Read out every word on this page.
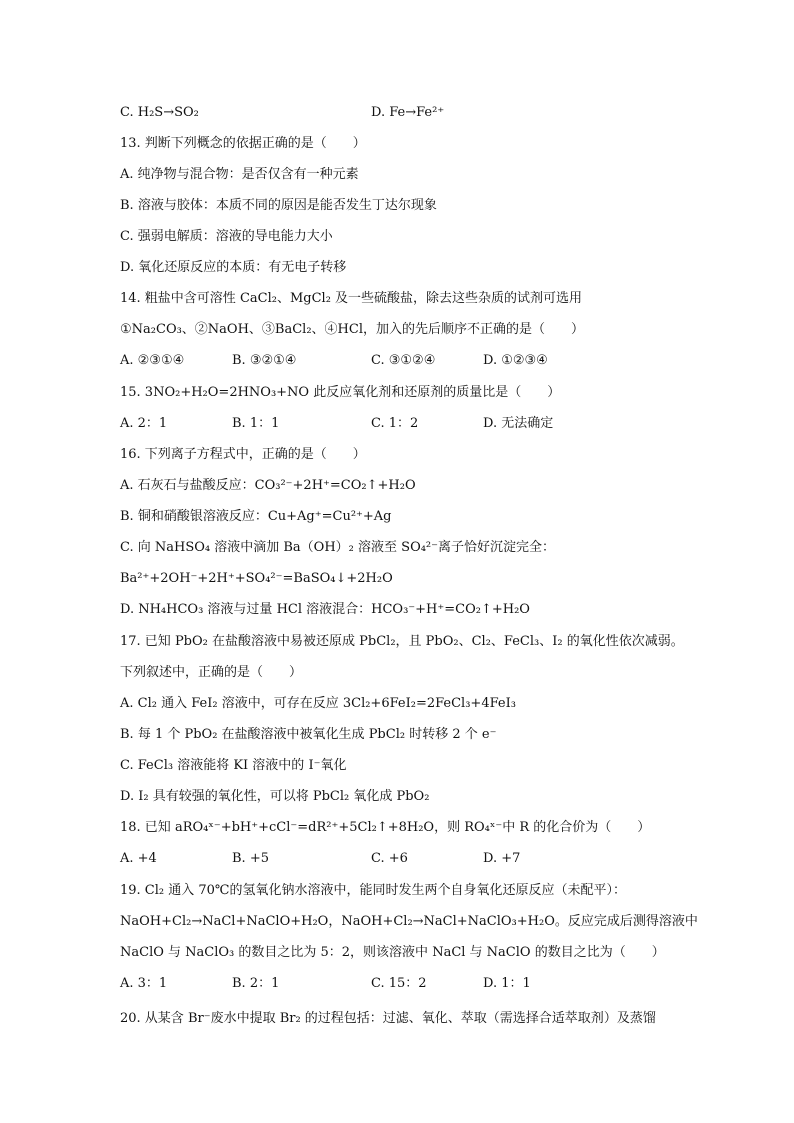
C. H₂S→SO₂	D. Fe→Fe²⁺
13. 判断下列概念的依据正确的是（　　）
A. 纯净物与混合物：是否仅含有一种元素
B. 溶液与胶体：本质不同的原因是能否发生丁达尔现象
C. 强弱电解质：溶液的导电能力大小
D. 氧化还原反应的本质：有无电子转移
14. 粗盐中含可溶性 CaCl₂、MgCl₂ 及一些硫酸盐，除去这些杂质的试剂可选用
①Na₂CO₃、②NaOH、③BaCl₂、④HCl，加入的先后顺序不正确的是（　　）
A. ②③①④	B. ③②①④	C. ③①②④	D. ①②③④
15. 3NO₂+H₂O=2HNO₃+NO 此反应氧化剂和还原剂的质量比是（　　）
A. 2：1	B. 1：1	C. 1：2	D. 无法确定
16. 下列离子方程式中，正确的是（　　）
A. 石灰石与盐酸反应：CO₃²⁻+2H⁺=CO₂↑+H₂O
B. 铜和硝酸银溶液反应：Cu+Ag⁺=Cu²⁺+Ag
C. 向 NaHSO₄ 溶液中滴加 Ba（OH）₂ 溶液至 SO₄²⁻离子恰好沉淀完全：
Ba²⁺+2OH⁻+2H⁺+SO₄²⁻=BaSO₄↓+2H₂O
D. NH₄HCO₃ 溶液与过量 HCl 溶液混合：HCO₃⁻+H⁺=CO₂↑+H₂O
17. 已知 PbO₂ 在盐酸溶液中易被还原成 PbCl₂，且 PbO₂、Cl₂、FeCl₃、I₂ 的氧化性依次减弱。
下列叙述中，正确的是（　　）
A. Cl₂ 通入 FeI₂ 溶液中，可存在反应 3Cl₂+6FeI₂=2FeCl₃+4FeI₃
B. 每 1 个 PbO₂ 在盐酸溶液中被氧化生成 PbCl₂ 时转移 2 个 e⁻
C. FeCl₃ 溶液能将 KI 溶液中的 I⁻氧化
D. I₂ 具有较强的氧化性，可以将 PbCl₂ 氧化成 PbO₂
18. 已知 aRO₄ˣ⁻+bH⁺+cCl⁻=dR²⁺+5Cl₂↑+8H₂O，则 RO₄ˣ⁻中 R 的化合价为（　　）
A. +4	B. +5	C. +6	D. +7
19. Cl₂ 通入 70℃的氢氧化钠水溶液中，能同时发生两个自身氧化还原反应（未配平）：
NaOH+Cl₂→NaCl+NaClO+H₂O，NaOH+Cl₂→NaCl+NaClO₃+H₂O。反应完成后测得溶液中
NaClO 与 NaClO₃ 的数目之比为 5：2，则该溶液中 NaCl 与 NaClO 的数目之比为（　　）
A. 3：1	B. 2：1	C. 15：2	D. 1：1
20. 从某含 Br⁻废水中提取 Br₂ 的过程包括：过滤、氧化、萃取（需选择合适萃取剂）及蒸馏
